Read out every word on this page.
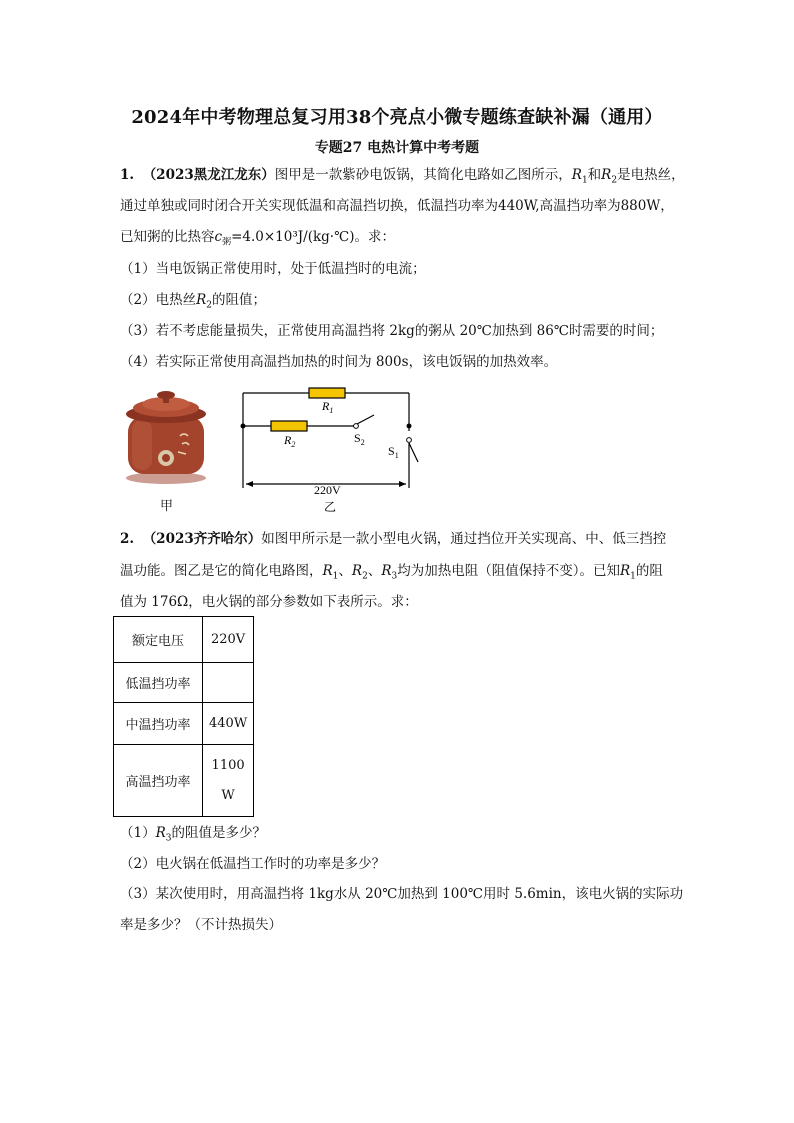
2024年中考物理总复习用38个亮点小微专题练查缺补漏（通用）
专题27 电热计算中考考题
1. （2023黑龙江龙东）图甲是一款紫砂电饭锅，其简化电路如乙图所示，$R_1$和$R_2$是电热丝，
通过单独或同时闭合开关实现低温和高温挡切换，低温挡功率为440W,高温挡功率为880W，
已知粥的比热容$c_粥=4.0\times 10^3J/(kg\cdot℃)$。求：
（1）当电饭锅正常使用时，处于低温挡时的电流；
（2）电热丝$R_2$的阻值；
（3）若不考虑能量损失，正常使用高温挡将 2kg的粥从 20℃加热到 86℃时需要的时间；
（4）若实际正常使用高温挡加热的时间为 800s，该电饭锅的加热效率。
甲
$R_1$
$R_2$	$S_2$
$S_1$
220V
乙
2. （2023齐齐哈尔）如图甲所示是一款小型电火锅，通过挡位开关实现高、中、低三挡控
温功能。图乙是它的简化电路图，$R_1$、$R_2$、$R_3$均为加热电阻（阻值保持不变）。已知$R_1$的阻
值为 176Ω，电火锅的部分参数如下表所示。求：
额定电压	220V
低温挡功率	
中温挡功率	440W
高温挡功率	1100
W
$(1)R_3$的阻值是多少？
（2）电火锅在低温挡工作时的功率是多少？
（3）某次使用时，用高温挡将 1kg水从 20℃加热到 100℃用时 5.6min，该电火锅的实际功
率是多少？（不计热损失）
